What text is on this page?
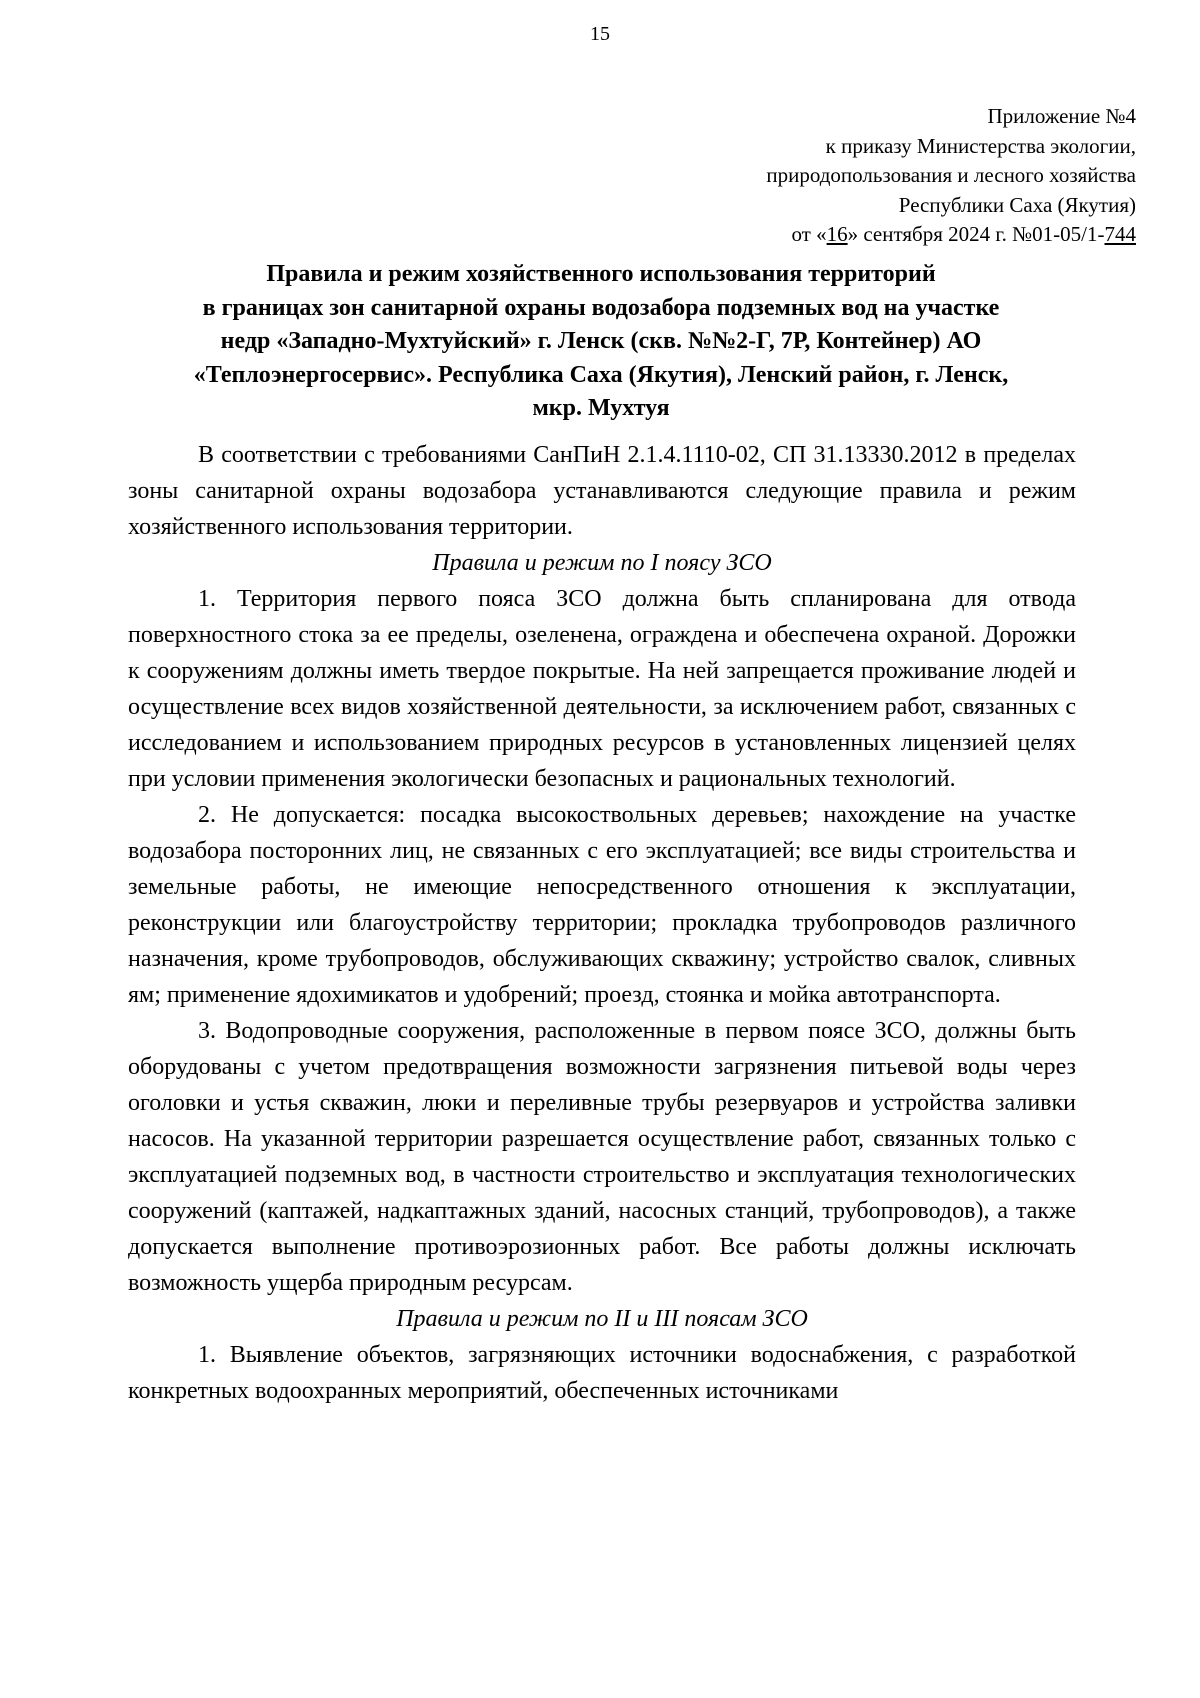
15
Приложение №4
к приказу Министерства экологии,
природопользования и лесного хозяйства
Республики Саха (Якутия)
от «16» сентября 2024 г. №01-05/1-744
Правила и режим хозяйственного использования территорий
в границах зон санитарной охраны водозабора подземных вод на участке
недр «Западно-Мухтуйский» г. Ленск (скв. №№2-Г, 7Р, Контейнер) АО
«Теплоэнергосервис». Республика Саха (Якутия), Ленский район, г. Ленск,
мкр. Мухтуя

В соответствии с требованиями СанПиН 2.1.4.1110-02, СП 31.13330.2012 в пределах зоны санитарной охраны водозабора устанавливаются следующие правила и режим хозяйственного использования территории.

Правила и режим по I поясу ЗСО

1. Территория первого пояса ЗСО должна быть спланирована для отвода поверхностного стока за ее пределы, озеленена, ограждена и обеспечена охраной. Дорожки к сооружениям должны иметь твердое покрытые. На ней запрещается проживание людей и осуществление всех видов хозяйственной деятельности, за исключением работ, связанных с исследованием и использованием природных ресурсов в установленных лицензией целях при условии применения экологически безопасных и рациональных технологий.

2. Не допускается: посадка высокоствольных деревьев; нахождение на участке водозабора посторонних лиц, не связанных с его эксплуатацией; все виды строительства и земельные работы, не имеющие непосредственного отношения к эксплуатации, реконструкции или благоустройству территории; прокладка трубопроводов различного назначения, кроме трубопроводов, обслуживающих скважину; устройство свалок, сливных ям; применение ядохимикатов и удобрений; проезд, стоянка и мойка автотранспорта.

3. Водопроводные сооружения, расположенные в первом поясе ЗСО, должны быть оборудованы с учетом предотвращения возможности загрязнения питьевой воды через оголовки и устья скважин, люки и переливные трубы резервуаров и устройства заливки насосов. На указанной территории разрешается осуществление работ, связанных только с эксплуатацией подземных вод, в частности строительство и эксплуатация технологических сооружений (каптажей, надкаптажных зданий, насосных станций, трубопроводов), а также допускается выполнение противоэрозионных работ. Все работы должны исключать возможность ущерба природным ресурсам.

Правила и режим по II и III поясам ЗСО

1. Выявление объектов, загрязняющих источники водоснабжения, с разработкой конкретных водоохранных мероприятий, обеспеченных источниками
